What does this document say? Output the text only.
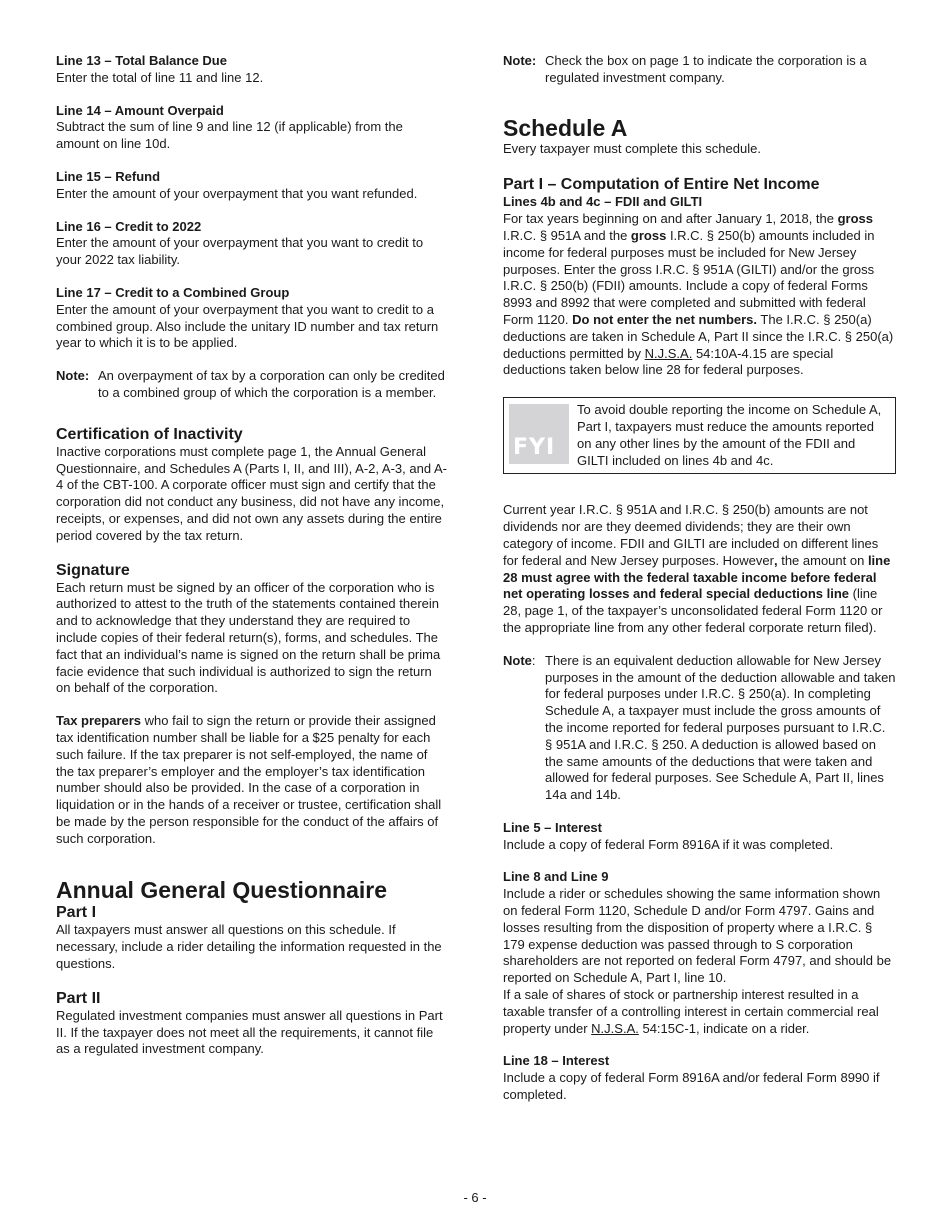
Line 13 – Total Balance Due

Enter the total of line 11 and line 12.

Line 14 – Amount Overpaid

Subtract the sum of line 9 and line 12 (if applicable) from the amount on line 10d.

Line 15 – Refund

Enter the amount of your overpayment that you want refunded.

Line 16 – Credit to 2022

Enter the amount of your overpayment that you want to credit to your 2022 tax liability.

Line 17 – Credit to a Combined Group

Enter the amount of your overpayment that you want to credit to a combined group. Also include the unitary ID number and tax return year to which it is to be applied.

Note: An overpayment of tax by a corporation can only be credited to a combined group of which the corporation is a member.

Certification of Inactivity

Inactive corporations must complete page 1, the Annual General Questionnaire, and Schedules A (Parts I, II, and III), A-2, A-3, and A-4 of the CBT-100. A corporate officer must sign and certify that the corporation did not conduct any business, did not have any income, receipts, or expenses, and did not own any assets during the entire period covered by the tax return.

Signature

Each return must be signed by an officer of the corporation who is authorized to attest to the truth of the statements contained therein and to acknowledge that they understand they are required to include copies of their federal return(s), forms, and schedules. The fact that an individual’s name is signed on the return shall be prima facie evidence that such individual is authorized to sign the return on behalf of the corporation.

Tax preparers who fail to sign the return or provide their assigned tax identification number shall be liable for a $25 penalty for each such failure. If the tax preparer is not self-employed, the name of the tax preparer’s employer and the employer’s tax identification number should also be provided. In the case of a corporation in liquidation or in the hands of a receiver or trustee, certification shall be made by the person responsible for the conduct of the affairs of such corporation.

Annual General Questionnaire

Part I

All taxpayers must answer all questions on this schedule. If necessary, include a rider detailing the information requested in the questions.

Part II

Regulated investment companies must answer all questions in Part II. If the taxpayer does not meet all the requirements, it cannot file as a regulated investment company.

Note: Check the box on page 1 to indicate the corporation is a regulated investment company.

Schedule A

Every taxpayer must complete this schedule.

Part I – Computation of Entire Net Income

Lines 4b and 4c – FDII and GILTI

For tax years beginning on and after January 1, 2018, the gross I.R.C. § 951A and the gross I.R.C. § 250(b) amounts included in income for federal purposes must be included for New Jersey purposes. Enter the gross I.R.C. § 951A (GILTI) and/or the gross I.R.C. § 250(b) (FDII) amounts. Include a copy of federal Forms 8993 and 8992 that were completed and submitted with federal Form 1120. Do not enter the net numbers. The I.R.C. § 250(a) deductions are taken in Schedule A, Part II since the I.R.C. § 250(a) deductions permitted by N.J.S.A. 54:10A-4.15 are special deductions taken below line 28 for federal purposes.

FYI

To avoid double reporting the income on Schedule A, Part I, taxpayers must reduce the amounts reported on any other lines by the amount of the FDII and GILTI included on lines 4b and 4c.

Current year I.R.C. § 951A and I.R.C. § 250(b) amounts are not dividends nor are they deemed dividends; they are their own category of income. FDII and GILTI are included on different lines for federal and New Jersey purposes. However, the amount on line 28 must agree with the federal taxable income before federal net operating losses and federal special deductions line (line 28, page 1, of the taxpayer’s unconsolidated federal Form 1120 or the appropriate line from any other federal corporate return filed).

Note: There is an equivalent deduction allowable for New Jersey purposes in the amount of the deduction allowable and taken for federal purposes under I.R.C. § 250(a). In completing Schedule A, a taxpayer must include the gross amounts of the income reported for federal purposes pursuant to I.R.C. § 951A and I.R.C. § 250. A deduction is allowed based on the same amounts of the deductions that were taken and allowed for federal purposes. See Schedule A, Part II, lines 14a and 14b.

Line 5 – Interest

Include a copy of federal Form 8916A if it was completed.

Line 8 and Line 9

Include a rider or schedules showing the same information shown on federal Form 1120, Schedule D and/or Form 4797. Gains and losses resulting from the disposition of property where a I.R.C. § 179 expense deduction was passed through to S corporation shareholders are not reported on federal Form 4797, and should be reported on Schedule A, Part I, line 10.

If a sale of shares of stock or partnership interest resulted in a taxable transfer of a controlling interest in certain commercial real property under N.J.S.A. 54:15C-1, indicate on a rider.

Line 18 – Interest

Include a copy of federal Form 8916A and/or federal Form 8990 if completed.

- 6 -
